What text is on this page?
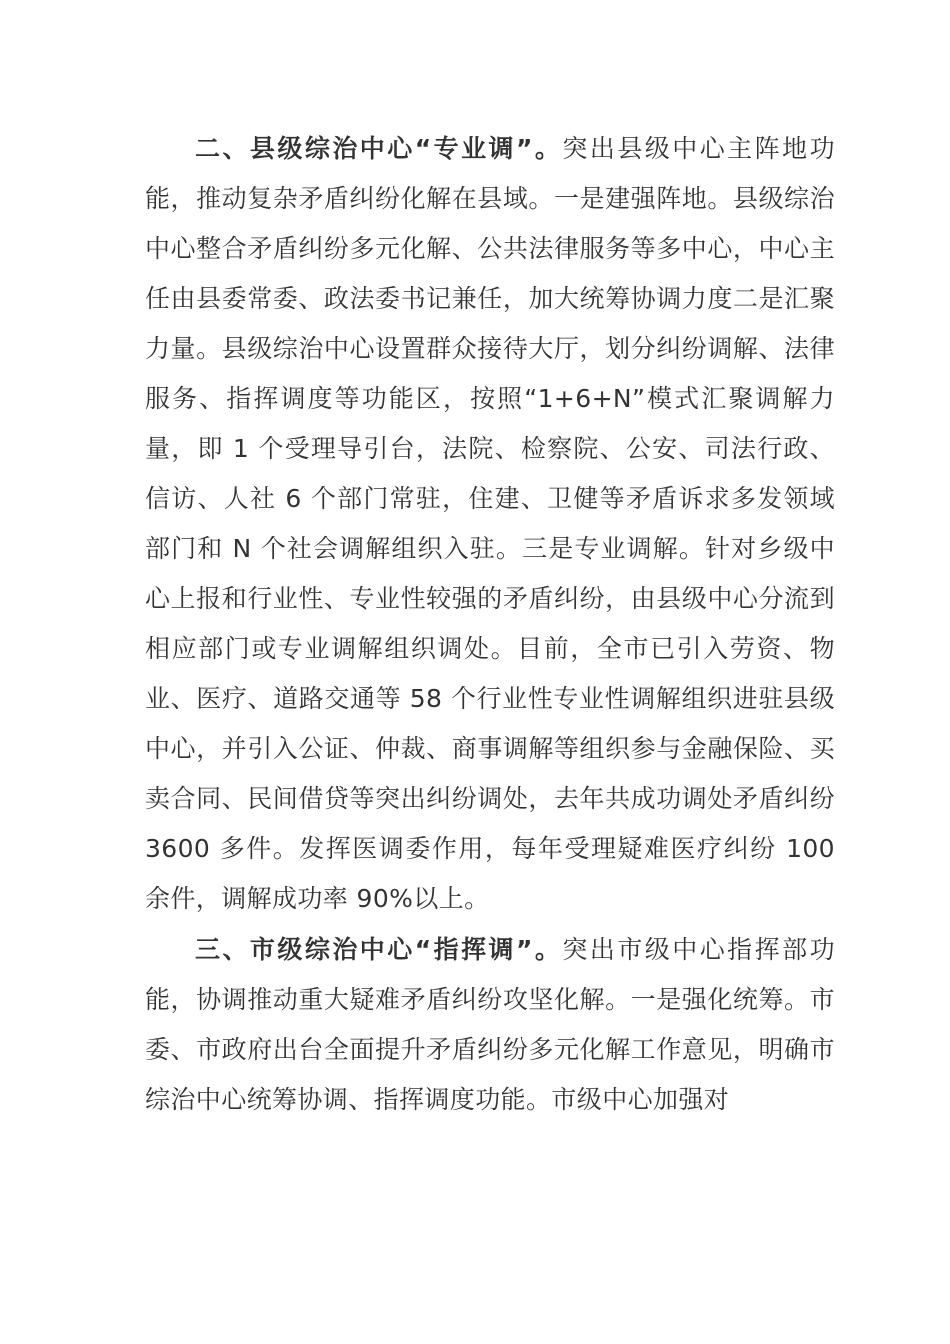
二、县级综治中心“专业调”。突出县级中心主阵地功能，推动复杂矛盾纠纷化解在县域。一是建强阵地。县级综治中心整合矛盾纠纷多元化解、公共法律服务等多中心，中心主任由县委常委、政法委书记兼任，加大统筹协调力度二是汇聚力量。县级综治中心设置群众接待大厅，划分纠纷调解、法律服务、指挥调度等功能区，按照“1+6+N”模式汇聚调解力量，即 1 个受理导引台，法院、检察院、公安、司法行政、信访、人社 6 个部门常驻，住建、卫健等矛盾诉求多发领域部门和 N 个社会调解组织入驻。三是专业调解。针对乡级中心上报和行业性、专业性较强的矛盾纠纷，由县级中心分流到相应部门或专业调解组织调处。目前，全市已引入劳资、物业、医疗、道路交通等 58 个行业性专业性调解组织进驻县级中心，并引入公证、仲裁、商事调解等组织参与金融保险、买卖合同、民间借贷等突出纠纷调处，去年共成功调处矛盾纠纷 3600 多件。发挥医调委作用，每年受理疑难医疗纠纷 100 余件，调解成功率 90%以上。

三、市级综治中心“指挥调”。突出市级中心指挥部功能，协调推动重大疑难矛盾纠纷攻坚化解。一是强化统筹。市委、市政府出台全面提升矛盾纠纷多元化解工作意见，明确市综治中心统筹协调、指挥调度功能。市级中心加强对
